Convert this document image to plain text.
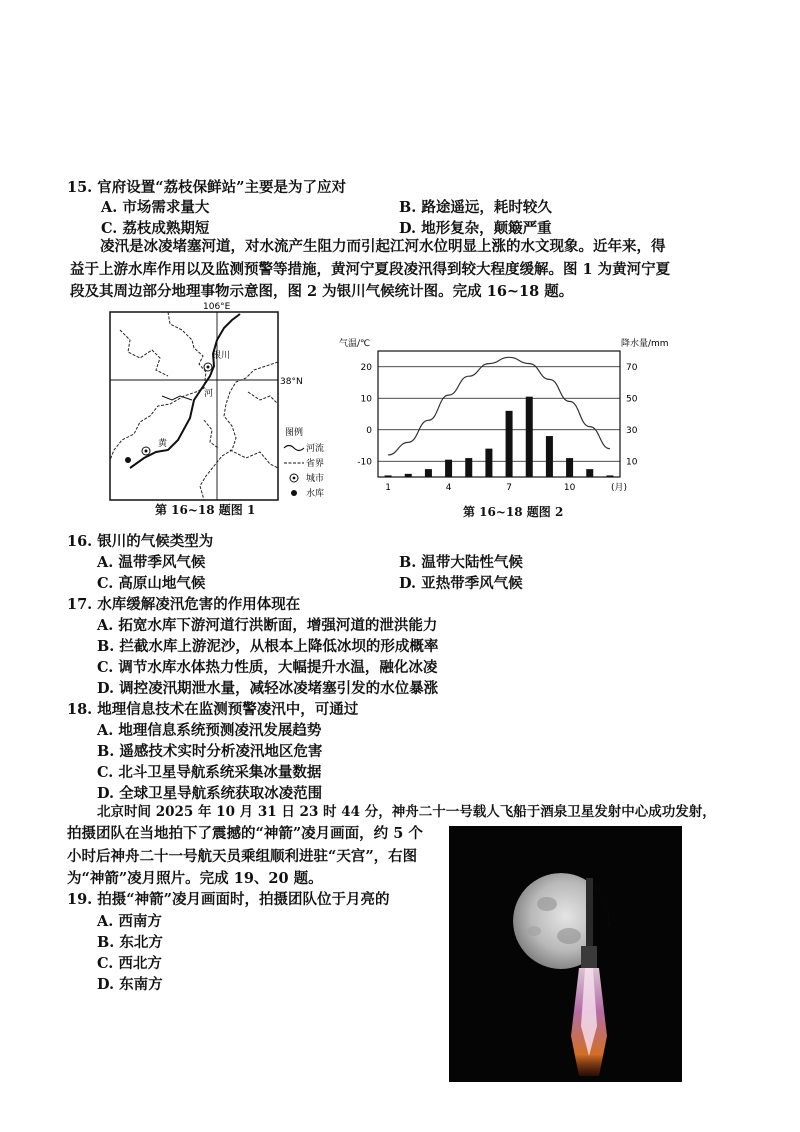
15. 官府设置“荔枝保鲜站”主要是为了应对
A. 市场需求量大	B. 路途遥远，耗时较久
C. 荔枝成熟期短	D. 地形复杂，颠簸严重
凌汛是冰凌堵塞河道，对水流产生阻力而引起江河水位明显上涨的水文现象。近年来，得
益于上游水库作用以及监测预警等措施，黄河宁夏段凌汛得到较大程度缓解。图 1 为黄河宁夏
段及其周边部分地理事物示意图，图 2 为银川气候统计图。完成 16~18 题。
106°E
38°N
河
黄
银川
图例
河流
省界
城市
水库
第 16~18 题图 1
气温/℃	降水量/mm
20
10
0
-10
70
50
30
10
1	4	7	10	(月)
第 16~18 题图 2
16. 银川的气候类型为
A. 温带季风气候	B. 温带大陆性气候
C. 高原山地气候	D. 亚热带季风气候
17. 水库缓解凌汛危害的作用体现在
A. 拓宽水库下游河道行洪断面，增强河道的泄洪能力
B. 拦截水库上游泥沙，从根本上降低冰坝的形成概率
C. 调节水库水体热力性质，大幅提升水温，融化冰凌
D. 调控凌汛期泄水量，减轻冰凌堵塞引发的水位暴涨
18. 地理信息技术在监测预警凌汛中，可通过
A. 地理信息系统预测凌汛发展趋势
B. 遥感技术实时分析凌汛地区危害
C. 北斗卫星导航系统采集冰量数据
D. 全球卫星导航系统获取冰凌范围
北京时间 2025 年 10 月 31 日 23 时 44 分，神舟二十一号载人飞船于酒泉卫星发射中心成功发射，
拍摄团队在当地拍下了震撼的“神箭”凌月画面，约 5 个
小时后神舟二十一号航天员乘组顺利进驻“天宫”，右图
为“神箭”凌月照片。完成 19、20 题。
19. 拍摄“神箭”凌月画面时，拍摄团队位于月亮的
A. 西南方
B. 东北方
C. 西北方
D. 东南方
